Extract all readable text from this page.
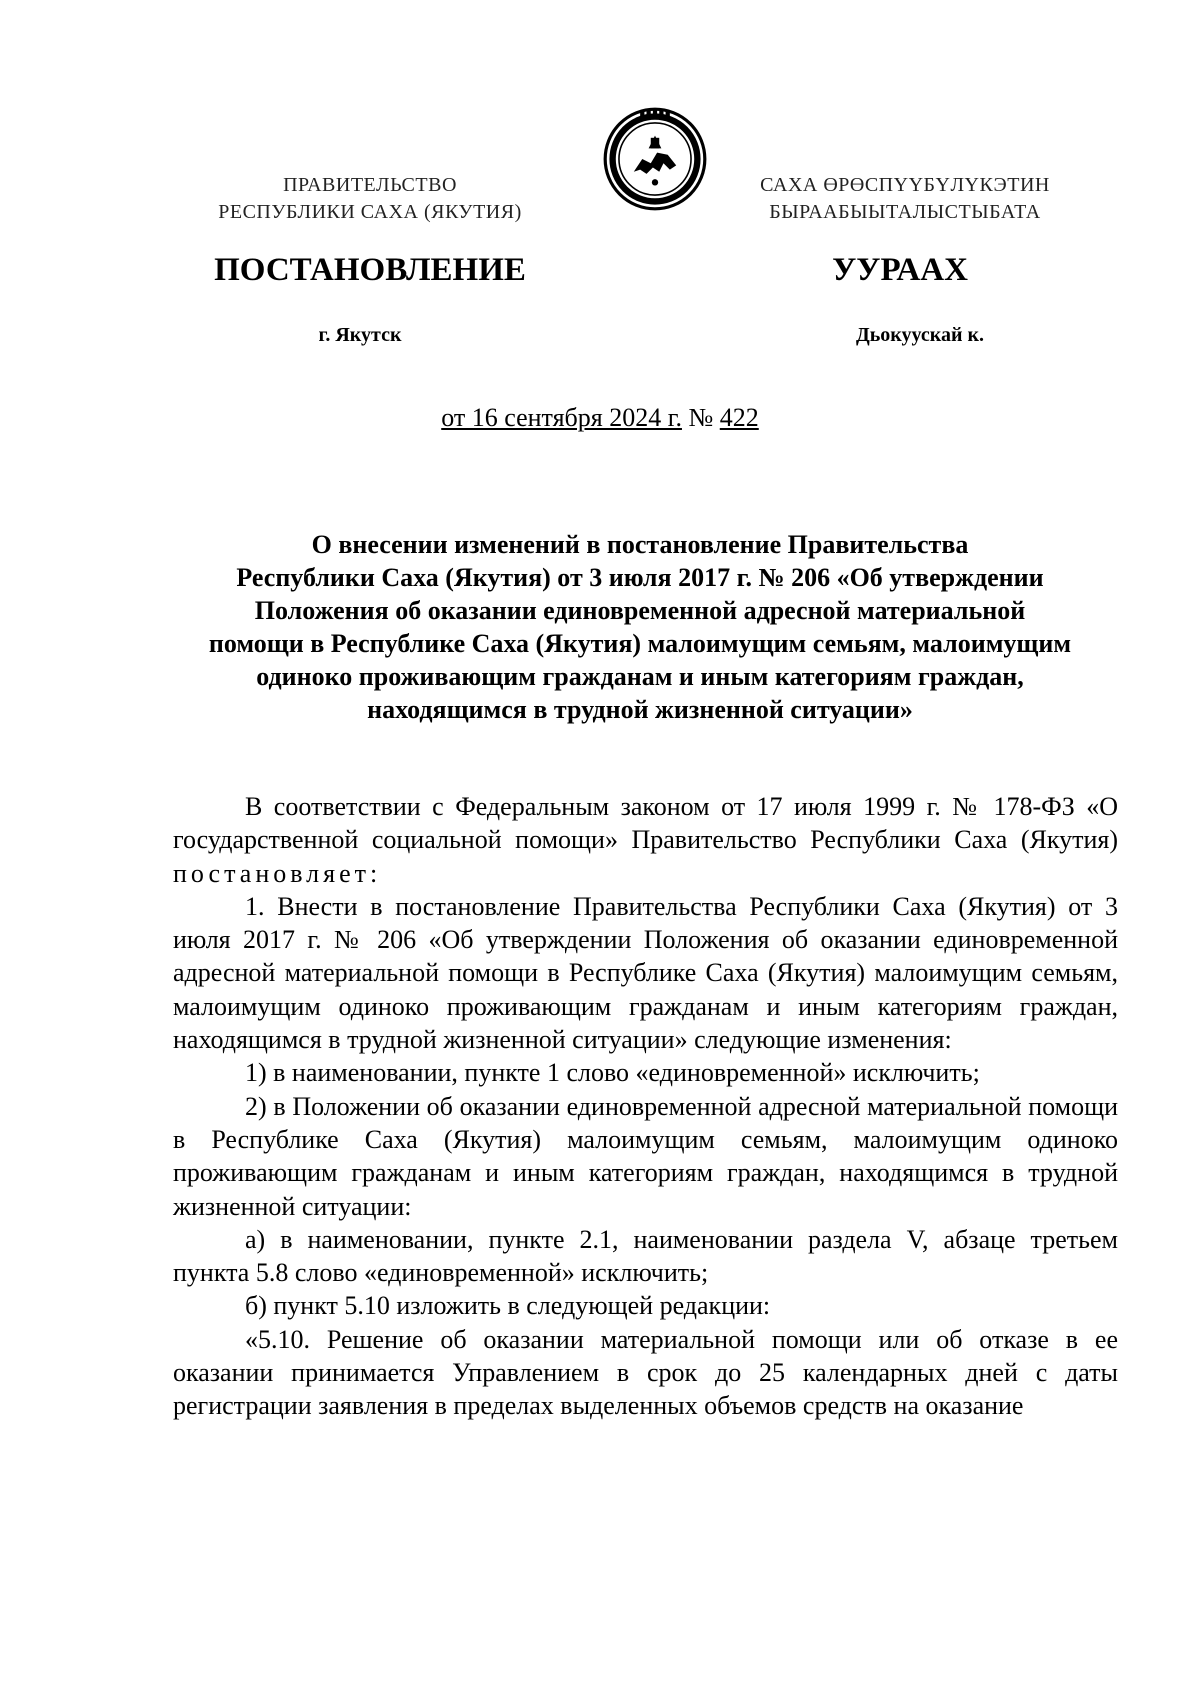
ПРАВИТЕЛЬСТВО
РЕСПУБЛИКИ САХА (ЯКУТИЯ)
САХА ӨРӨСПҮҮБҮЛҮКЭТИН
БЫРААБЫЫТАЛЫСТЫБАТА
ПОСТАНОВЛЕНИЕ	УУРААХ
г. Якутск	Дьокуускай к.
от 16 сентября 2024 г. № 422
О внесении изменений в постановление Правительства
Республики Саха (Якутия) от 3 июля 2017 г. № 206 «Об утверждении
Положения об оказании единовременной адресной материальной
помощи в Республике Саха (Якутия) малоимущим семьям, малоимущим
одиноко проживающим гражданам и иным категориям граждан,
находящимся в трудной жизненной ситуации»

В соответствии с Федеральным законом от 17 июля 1999 г. № 178-ФЗ «О государственной социальной помощи» Правительство Республики Саха (Якутия) постановляет:

1. Внести в постановление Правительства Республики Саха (Якутия) от 3 июля 2017 г. № 206 «Об утверждении Положения об оказании единовременной адресной материальной помощи в Республике Саха (Якутия) малоимущим семьям, малоимущим одиноко проживающим гражданам и иным категориям граждан, находящимся в трудной жизненной ситуации» следующие изменения:

1) в наименовании, пункте 1 слово «единовременной» исключить;

2) в Положении об оказании единовременной адресной материальной помощи в Республике Саха (Якутия) малоимущим семьям, малоимущим одиноко проживающим гражданам и иным категориям граждан, находящимся в трудной жизненной ситуации:

а) в наименовании, пункте 2.1, наименовании раздела V, абзаце третьем пункта 5.8 слово «единовременной» исключить;

б) пункт 5.10 изложить в следующей редакции:

«5.10. Решение об оказании материальной помощи или об отказе в ее оказании принимается Управлением в срок до 25 календарных дней с даты регистрации заявления в пределах выделенных объемов средств на оказание
